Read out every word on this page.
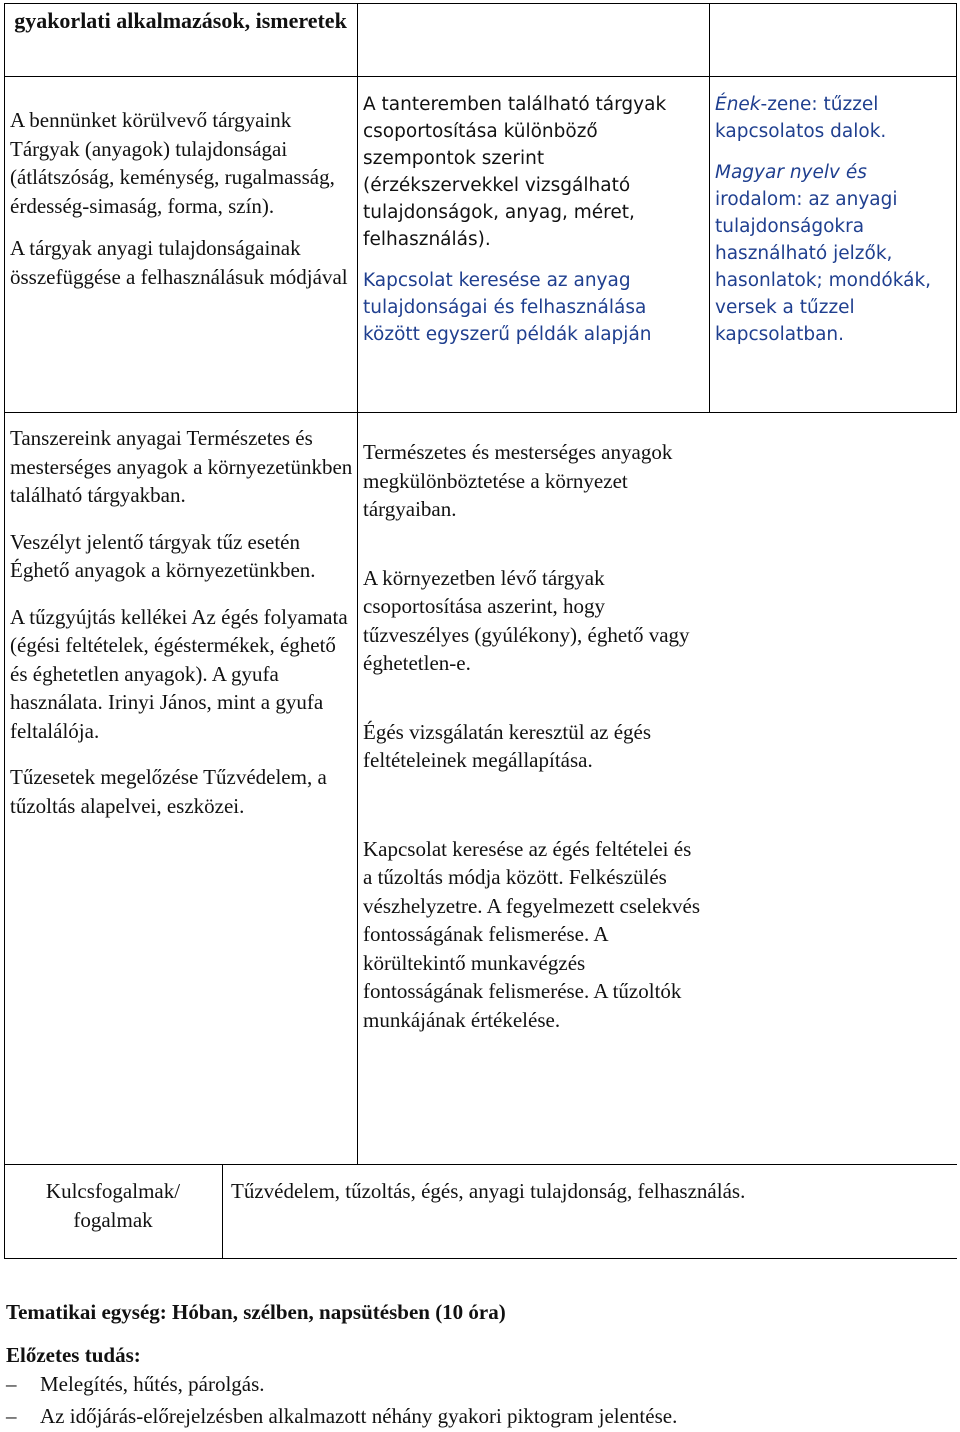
gyakorlati alkalmazások, ismeretek

A bennünket körülvevő tárgyaink Tárgyak (anyagok) tulajdonságai (átlátszóság, keménység, rugalmasság, érdesség-simaság, forma, szín).

A tárgyak anyagi tulajdonságainak összefüggése a felhasználásuk módjával

A tanteremben található tárgyak csoportosítása különböző szempontok szerint (érzékszervekkel vizsgálható tulajdonságok, anyag, méret, felhasználás).

Kapcsolat keresése az anyag tulajdonságai és felhasználása között egyszerű példák alapján

Ének-zene: tűzzel kapcsolatos dalok.

Magyar nyelv és irodalom: az anyagi tulajdonságokra használható jelzők, hasonlatok; mondókák, versek a tűzzel kapcsolatban.

Tanszereink anyagai Természetes és mesterséges anyagok a környezetünkben található tárgyakban.

Veszélyt jelentő tárgyak tűz esetén Éghető anyagok a környezetünkben.

A tűzgyújtás kellékei Az égés folyamata (égési feltételek, égéstermékek, éghető és éghetetlen anyagok). A gyufa használata. Irinyi János, mint a gyufa feltalálója.

Tűzesetek megelőzése Tűzvédelem, a tűzoltás alapelvei, eszközei.

Természetes és mesterséges anyagok megkülönböztetése a környezet tárgyaiban.

A környezetben lévő tárgyak csoportosítása aszerint, hogy tűzveszélyes (gyúlékony), éghető vagy éghetetlen-e.

Égés vizsgálatán keresztül az égés feltételeinek megállapítása.

Kapcsolat keresése az égés feltételei és a tűzoltás módja között. Felkészülés vészhelyzetre. A fegyelmezett cselekvés fontosságának felismerése. A körültekintő munkavégzés fontosságának felismerése. A tűzoltók munkájának értékelése.

Kulcsfogalmak/ fogalmak

Tűzvédelem, tűzoltás, égés, anyagi tulajdonság, felhasználás.

Tematikai egység: Hóban, szélben, napsütésben (10 óra)
Előzetes tudás:
– Melegítés, hűtés, párolgás.
– Az időjárás-előrejelzésben alkalmazott néhány gyakori piktogram jelentése.
